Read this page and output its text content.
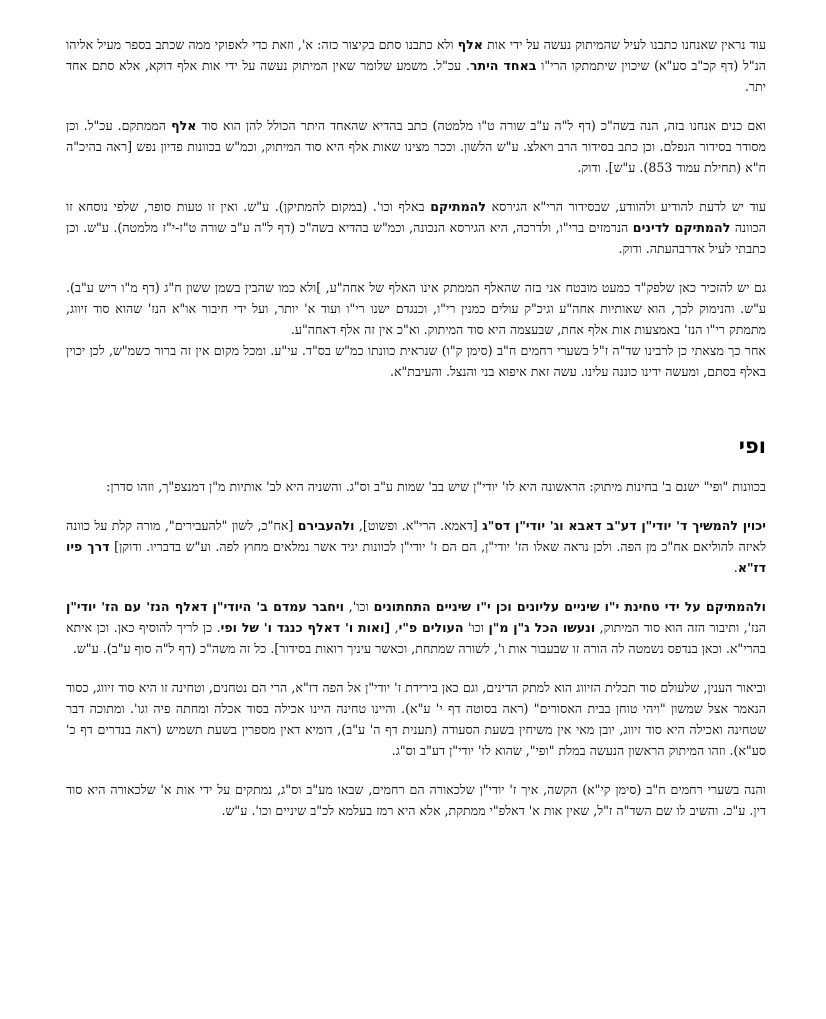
עוד נראין שאנחנו כתבנו לעיל שהמיתוק נעשה על ידי אות אלף ולא כתבנו סתם בקיצור כזה: א', וזאת כדי לאפוקי ממה שכתב בספר מעיל אליהו הנ"ל (דף קכ"ב סע"א) שיכוין שיתמתקו הרי"ו באחד היתר. עכ"ל. משמע שלומר שאין המיתוק נעשה על ידי אות אלף דוקא, אלא סתם אחד יתר.

ואם כנים אנחנו בזה, הנה בשה"כ (דף ל"ה ע"ב שורה ט"ו מלמטה) כתב בהדיא שהאחד היתר הכולל להן הוא סוד אלף הממתקם. עכ"ל. וכן מסודר בסידור הנפלם. וכן כתב בסידור הרב ויאלצ. ע"ש הלשון. וככר מצינו שאות אלף היא סוד המיתוק, וכמ"ש בכוונות פדיון נפש [ראה בהיכ"ה ח"א (תחילת עמוד 853). ע"ש]. ודוק.

עוד יש לדעת להודיע ולהוודע, שבסידור הרי"א הגירסא להמתיקם באלף וכו'. (במקום להמתיקן). ע"ש. ואין זו טעות סופר, שלפי נוסחא זו הכוונה להמתיקם לדינים הנרמזים ברי"ו, ולדרכה, היא הגירסא הנכונה, וכמ"ש בהדיא בשה"כ (דף ל"ה ע"ב שורה ט"ז-י"ז מלמטה). ע"ש. וכן כתבתי לעיל אדרבהעתה. ודוק.

גם יש להזכיר כאן שלפק"ד כמעט מובטח אני בזה שהאלף הממתק אינו האלף של אחה"ע, ]ולא כמו שהבין בשמן ששון ח"ג (דף מ"ו ריש ע"ב). ע"ש. והנימוק לכך, הוא שאותיות אחה"ע וגיכ"ק עולים כמנין רי"ו, וכנגדם ישנו רי"ו ועוד א' יותר, ועל ידי חיבור או"א הנז' שהוא סוד זיווג, מתמתק רי"ו הנז' באמצעות אות אלף אחת, שבעצמה היא סוד המיתוק. וא"כ אין זה אלף דאחה"ע.

אחר כך מצאתי כן לרבינו שד"ה ז"ל בשערי רחמים ח"ב (סימן ק"ו) שנראית כוונתו כמ"ש בס"ד. עי"ע. ומכל מקום אין זה ברור כשמ"ש, לכן יכוין באלף בסתם, ומעשה ידינו כוננה עלינו. עשה זאת איפוא בני והנצל. והעיבת"א.

ופי

בכוונות "ופי" ישנם ב' בחינות מיתוק: הראשונה היא לז' יודי"ן שיש בב' שמות ע"ב וס"ג. והשניה היא לב' אותיות מ"ן דמנצפ"ך, וזהו סדרן:

יכוין להמשיך ד' יודי"ן דע"ב דאבא וג' יודי"ן דס"ג [דאמא. הרי"א. ופשוט], ולהעבירם [אח"כ, לשון "להעבירים", מורה קלת על כוונה לאיזה להוליאם אח"כ מן הפה. ולכן נראה שאלו הז' יודי"ן, הם הם ז' יודי"ן לכוונות יגיד אשר נמלאים מחוץ לפה. וע"ש בדבריו. ודוקן] דרך פיו דז"א.

ולהמתיקם על ידי טחינת י"ו שיניים עליונים וכן י"ו שיניים התחתונים וכו', ויחבר עמדם ב' היודי"ן דאלף הנז' עם הז' יודי"ן הנז', ותיבור הזה הוא סוד המיתוק, ונעשו הכל ג"ן מ"ן וכו' העולים פ"י, [ואות ו' דאלף כנגד ו' של ופי. כן לריך להוסיף כאן. וכן איתא בהרי"א. וכאן בנדפס נשמטה לה הורה זו שבעבור אות ו', לשורה שמתחת, וכאשר עיניך רואות בסידור]. כל זה משה"כ (דף ל"ה סוף ע"ב). ע"ש.

וביאור הענין, שלעולם סוד תכלית הזיווג הוא למתק הדינים, וגם כאן בירידת ז' יודי"ן אל הפה דז"א, הרי הם נטחנים, וטחינה זו היא סוד זיווג, כסוד הנאמר אצל שמשון "ויהי טוחן בבית האסורים" (ראה בסוטה דף י' ע"א). והיינו טחינה היינו אכילה בסוד אכלה ומחתה פיה וגו'. ומתוכה דבר שטחינה ואכילה היא סוד זיווג, יובן מאי אין משיחין בשעת הסעודה (תענית דף ה' ע"ב), דומיא דאין מספרין בשעת תשמיש (ראה בנדרים דף כ' סע"א). וזהו המיתוק הראשון הנעשה במלת "ופי", שהוא לז' יודי"ן דע"ב וס"ג.

והנה בשערי רחמים ח"ב (סימן קי"א) הקשה, איך ז' יודי"ן שלכאורה הם רחמים, שבאו מע"ב וס"ג, נמתקים על ידי אות א' שלכאורה היא סוד דין. ע"כ. והשיב לו שם השד"ה ז"ל, שאין אות א' דאלפ"י ממתקת, אלא היא רמז בעלמא לכ"ב שיניים וכו'. ע"ש.
